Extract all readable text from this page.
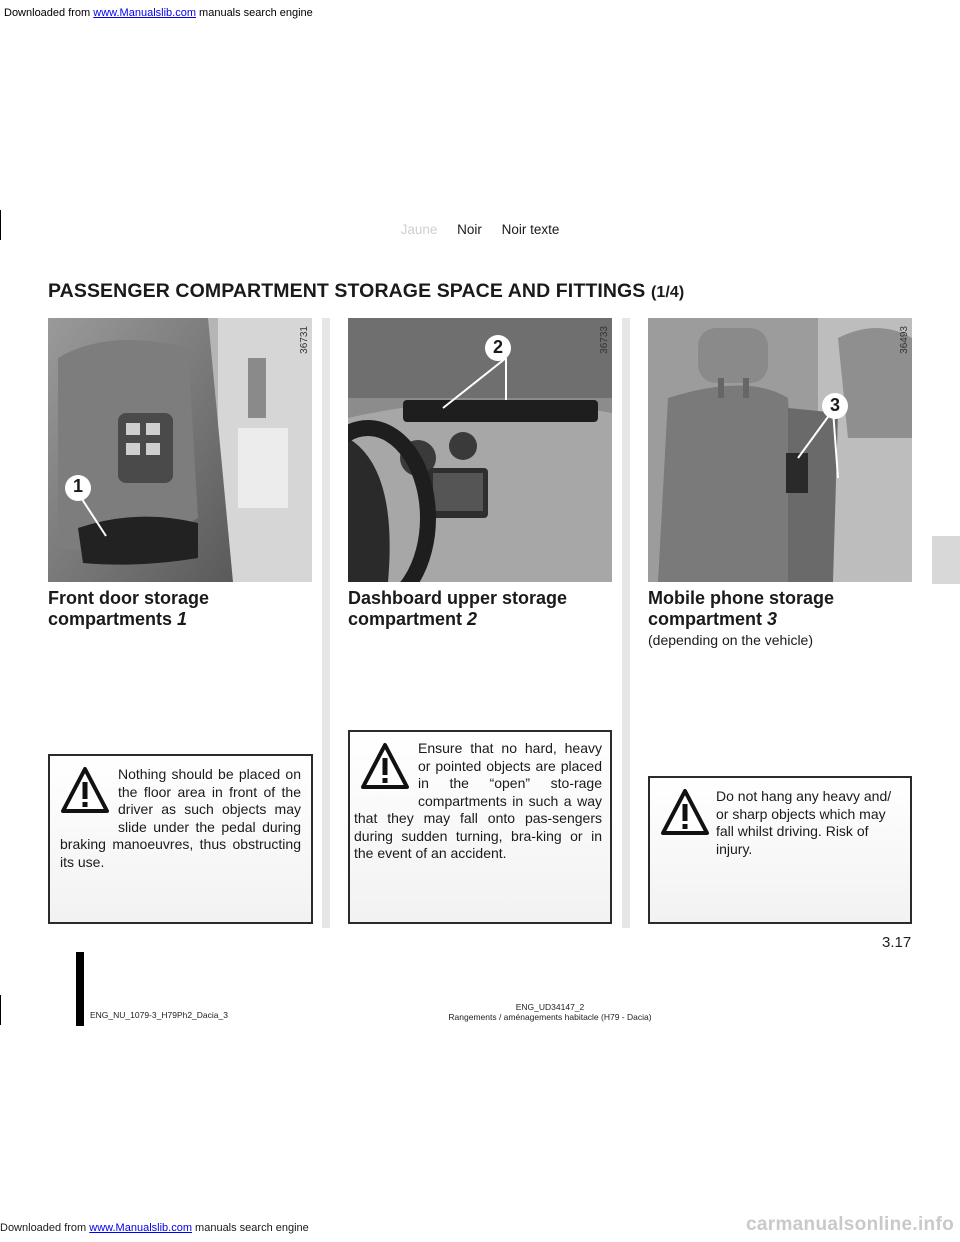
Downloaded from www.Manualslib.com manuals search engine
Jaune Noir Noir texte
PASSENGER COMPARTMENT STORAGE SPACE AND FITTINGS (1/4)
1
36731	2	36733
3
36493
Front door storage
compartments 1
Dashboard upper storage
compartment 2
Mobile phone storage
compartment 3
(depending on the vehicle)
Nothing should be placed on the floor area in front of the driver as such objects may slide under the pedal during braking manoeuvres, thus obstructing its use.
Ensure that no hard, heavy or pointed objects are placed in the “open” sto-rage compartments in such a way that they may fall onto pas-sengers during sudden turning, bra-king or in the event of an accident.
Do not hang any heavy and/ or sharp objects which may fall whilst driving. Risk of injury.
3.17
ENG_NU_1079-3_H79Ph2_Dacia_3
ENG_UD34147_2
Rangements / aménagements habitacle (H79 - Dacia)
Downloaded from www.Manualslib.com manuals search engine	carmanualsonline.info
